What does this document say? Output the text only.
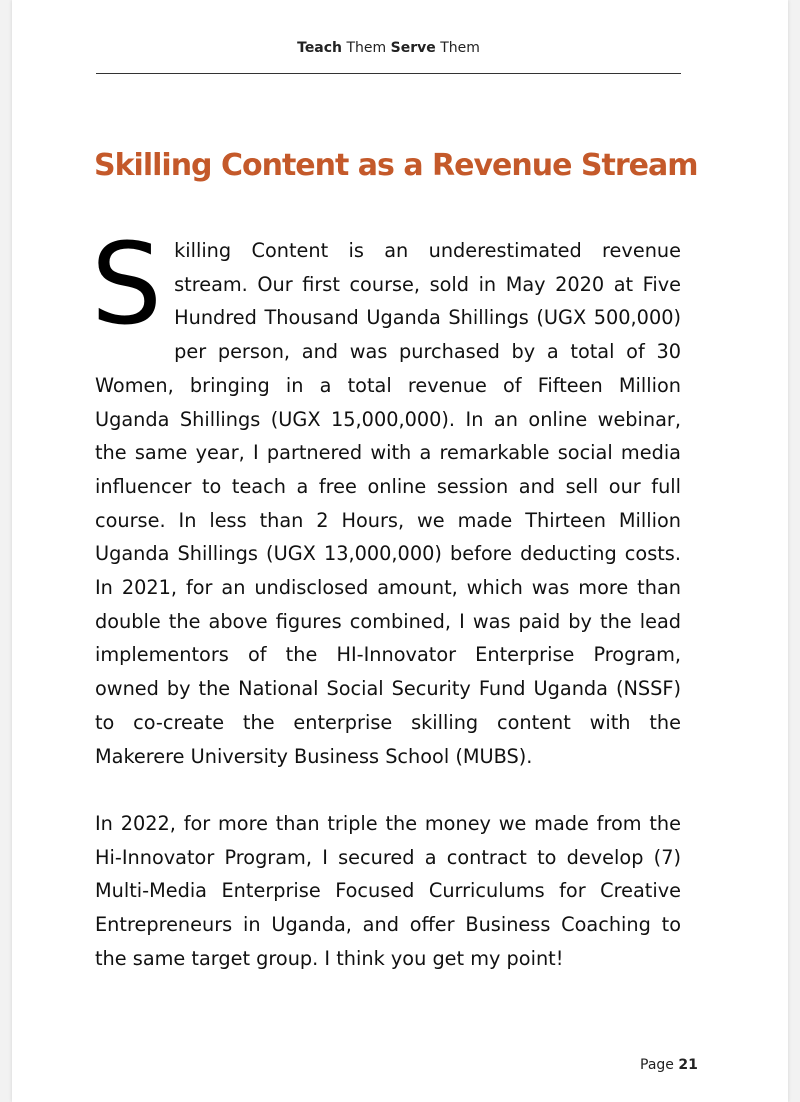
Teach Them Serve Them
Skilling Content as a Revenue Stream

Skilling Content is an underestimated revenue stream. Our first course, sold in May 2020 at Five Hundred Thousand Uganda Shillings (UGX 500,000) per person, and was purchased by a total of 30 Women, bringing in a total revenue of Fifteen Million Uganda Shillings (UGX 15,000,000). In an online webinar, the same year, I partnered with a remarkable social media influencer to teach a free online session and sell our full course. In less than 2 Hours, we made Thirteen Million Uganda Shillings (UGX 13,000,000) before deducting costs. In 2021, for an undisclosed amount, which was more than double the above figures combined, I was paid by the lead implementors of the HI-Innovator Enterprise Program, owned by the National Social Security Fund Uganda (NSSF) to co-create the enterprise skilling content with the Makerere University Business School (MUBS).

In 2022, for more than triple the money we made from the Hi-Innovator Program, I secured a contract to develop (7) Multi-Media Enterprise Focused Curriculums for Creative Entrepreneurs in Uganda, and offer Business Coaching to the same target group. I think you get my point!

Page 21
